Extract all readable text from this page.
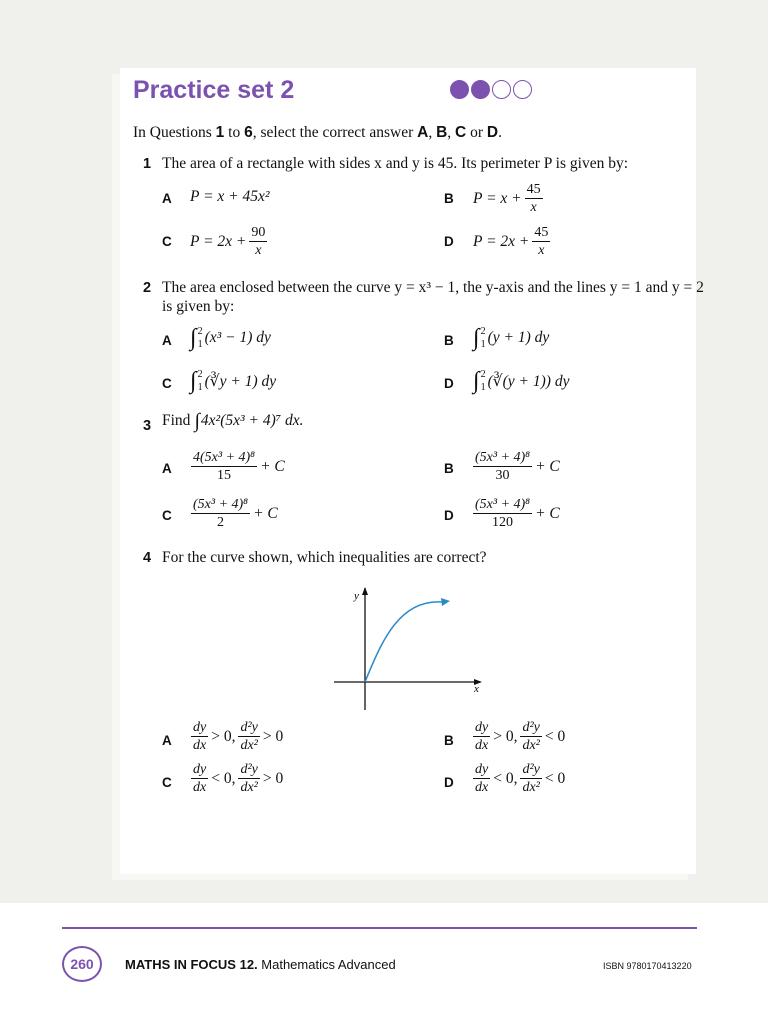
Practice set 2
In Questions 1 to 6, select the correct answer A, B, C or D.
1 The area of a rectangle with sides x and y is 45. Its perimeter P is given by:
A P = x + 45x²	B $P = x + \frac{45}{x}$
C $P = 2x + \frac{90}{x}$	D $P = 2x + \frac{45}{x}$
2 The area enclosed between the curve y = x³ − 1, the y-axis and the lines y = 1 and y = 2
is given by:
A ∫ 2
1 (x³ − 1) dy	B ∫ 2
1 (y + 1) dy
C ∫ 2
1 (∛y + 1) dy	D ∫ 2
1 (∛(y + 1)) dy
3 Find ∫ 4x²(5x³ + 4)⁷ dx.
A $\frac{\text{4(5x³ + 4)⁸}}{15} + C$	B $\frac{\text{(5x³ + 4)⁸}}{30} + C$
C $\frac{\text{(5x³ + 4)⁸}}{2} + C$	D $\frac{\text{(5x³ + 4)⁸}}{120} + C$
4 For the curve shown, which inequalities are correct?
y
x
A $\frac{dy}{dx} > 0$, $\frac{\text{d²y}}{\text{dx²}} > 0$	B $\frac{dy}{dx} > 0$, $\frac{\text{d²y}}{\text{dx²}} < 0$
C $\frac{dy}{dx} < 0$, $\frac{\text{d²y}}{\text{dx²}} > 0$	D $\frac{dy}{dx} < 0$, $\frac{\text{d²y}}{\text{dx²}} < 0$
260	MATHS IN FOCUS 12. Mathematics Advanced	ISBN 9780170413220
